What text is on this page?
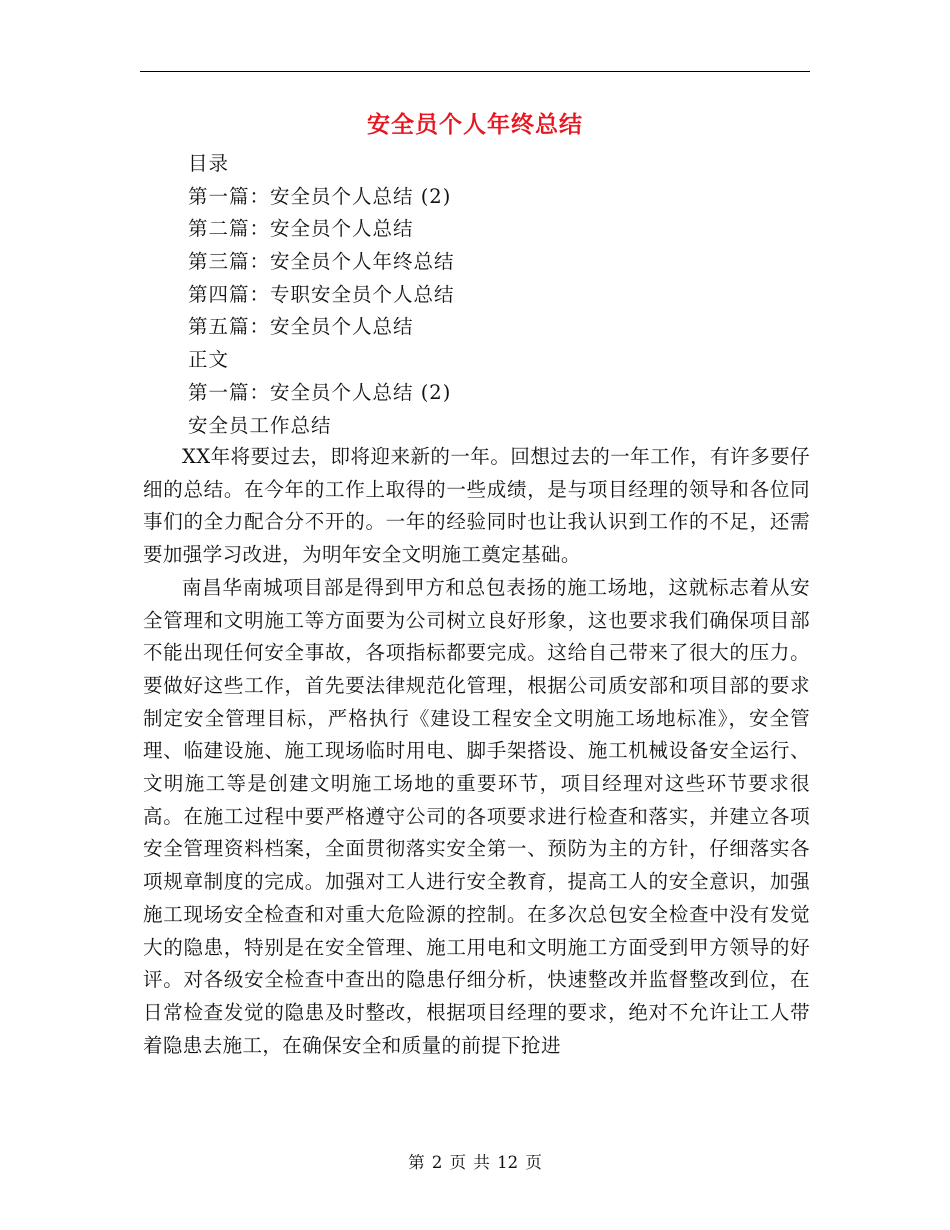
安全员个人年终总结
目录
第一篇：安全员个人总结 (2)
第二篇：安全员个人总结
第三篇：安全员个人年终总结
第四篇：专职安全员个人总结
第五篇：安全员个人总结
正文
第一篇：安全员个人总结 (2)
安全员工作总结

XX年将要过去，即将迎来新的一年。回想过去的一年工作，有许多要仔细的总结。在今年的工作上取得的一些成绩，是与项目经理的领导和各位同事们的全力配合分不开的。一年的经验同时也让我认识到工作的不足，还需要加强学习改进，为明年安全文明施工奠定基础。

南昌华南城项目部是得到甲方和总包表扬的施工场地，这就标志着从安全管理和文明施工等方面要为公司树立良好形象，这也要求我们确保项目部不能出现任何安全事故，各项指标都要完成。这给自己带来了很大的压力。要做好这些工作，首先要法律规范化管理，根据公司质安部和项目部的要求制定安全管理目标，严格执行《建设工程安全文明施工场地标准》，安全管理、临建设施、施工现场临时用电、脚手架搭设、施工机械设备安全运行、文明施工等是创建文明施工场地的重要环节，项目经理对这些环节要求很高。在施工过程中要严格遵守公司的各项要求进行检查和落实，并建立各项安全管理资料档案，全面贯彻落实安全第一、预防为主的方针，仔细落实各项规章制度的完成。加强对工人进行安全教育，提高工人的安全意识，加强施工现场安全检查和对重大危险源的控制。在多次总包安全检查中没有发觉大的隐患，特别是在安全管理、施工用电和文明施工方面受到甲方领导的好评。对各级安全检查中查出的隐患仔细分析，快速整改并监督整改到位，在日常检查发觉的隐患及时整改，根据项目经理的要求，绝对不允许让工人带着隐患去施工，在确保安全和质量的前提下抢进

第 2 页 共 12 页
